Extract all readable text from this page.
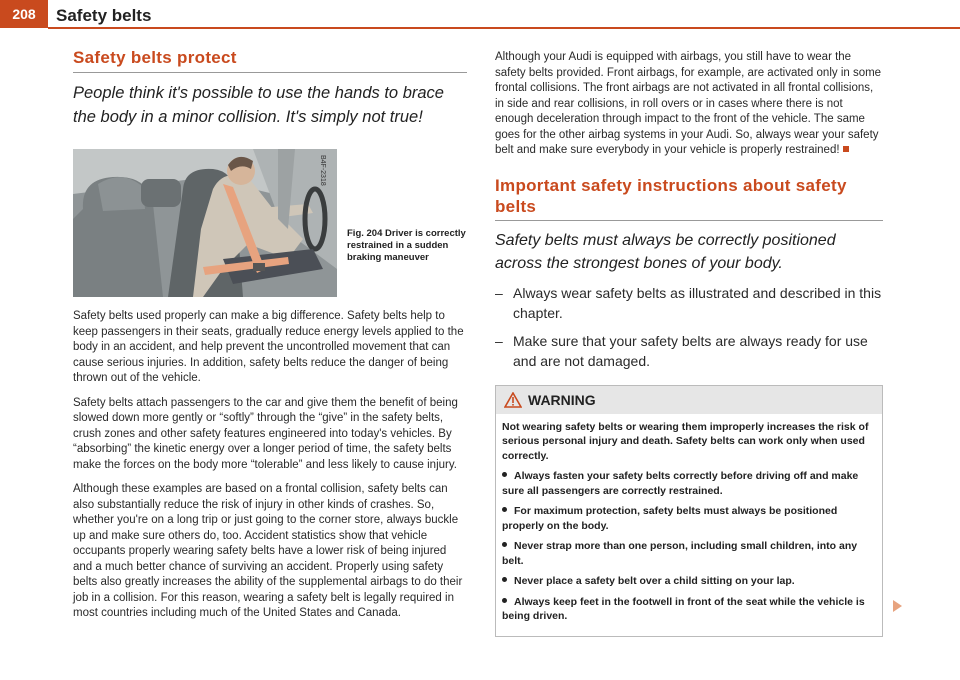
208	Safety belts
Safety belts protect

People think it's possible to use the hands to brace the body in a minor collision. It's simply not true!

B4F-2318
Fig. 204 Driver is correctly restrained in a sudden braking maneuver

Safety belts used properly can make a big difference. Safety belts help to keep passengers in their seats, gradually reduce energy levels applied to the body in an accident, and help prevent the uncontrolled movement that can cause serious injuries. In addition, safety belts reduce the danger of being thrown out of the vehicle.

Safety belts attach passengers to the car and give them the benefit of being slowed down more gently or “softly” through the “give” in the safety belts, crush zones and other safety features engineered into today's vehicles. By “absorbing” the kinetic energy over a longer period of time, the safety belts make the forces on the body more “tolerable” and less likely to cause injury.

Although these examples are based on a frontal collision, safety belts can also substantially reduce the risk of injury in other kinds of crashes. So, whether you're on a long trip or just going to the corner store, always buckle up and make sure others do, too. Accident statistics show that vehicle occupants properly wearing safety belts have a lower risk of being injured and a much better chance of surviving an accident. Properly using safety belts also greatly increases the ability of the supplemental airbags to do their job in a collision. For this reason, wearing a safety belt is legally required in most countries including much of the United States and Canada.

Although your Audi is equipped with airbags, you still have to wear the safety belts provided. Front airbags, for example, are activated only in some frontal collisions. The front airbags are not activated in all frontal collisions, in side and rear collisions, in roll overs or in cases where there is not enough deceleration through impact to the front of the vehicle. The same goes for the other airbag systems in your Audi. So, always wear your safety belt and make sure everybody in your vehicle is properly restrained!

Important safety instructions about safety belts

Safety belts must always be correctly positioned across the strongest bones of your body.

– Always wear safety belts as illustrated and described in this chapter.
– Make sure that your safety belts are always ready for use and are not damaged.
WARNING

Not wearing safety belts or wearing them improperly increases the risk of serious personal injury and death. Safety belts can work only when used correctly.

Always fasten your safety belts correctly before driving off and make sure all passengers are correctly restrained.

For maximum protection, safety belts must always be positioned properly on the body.

Never strap more than one person, including small children, into any belt.

Never place a safety belt over a child sitting on your lap.

Always keep feet in the footwell in front of the seat while the vehicle is being driven.
